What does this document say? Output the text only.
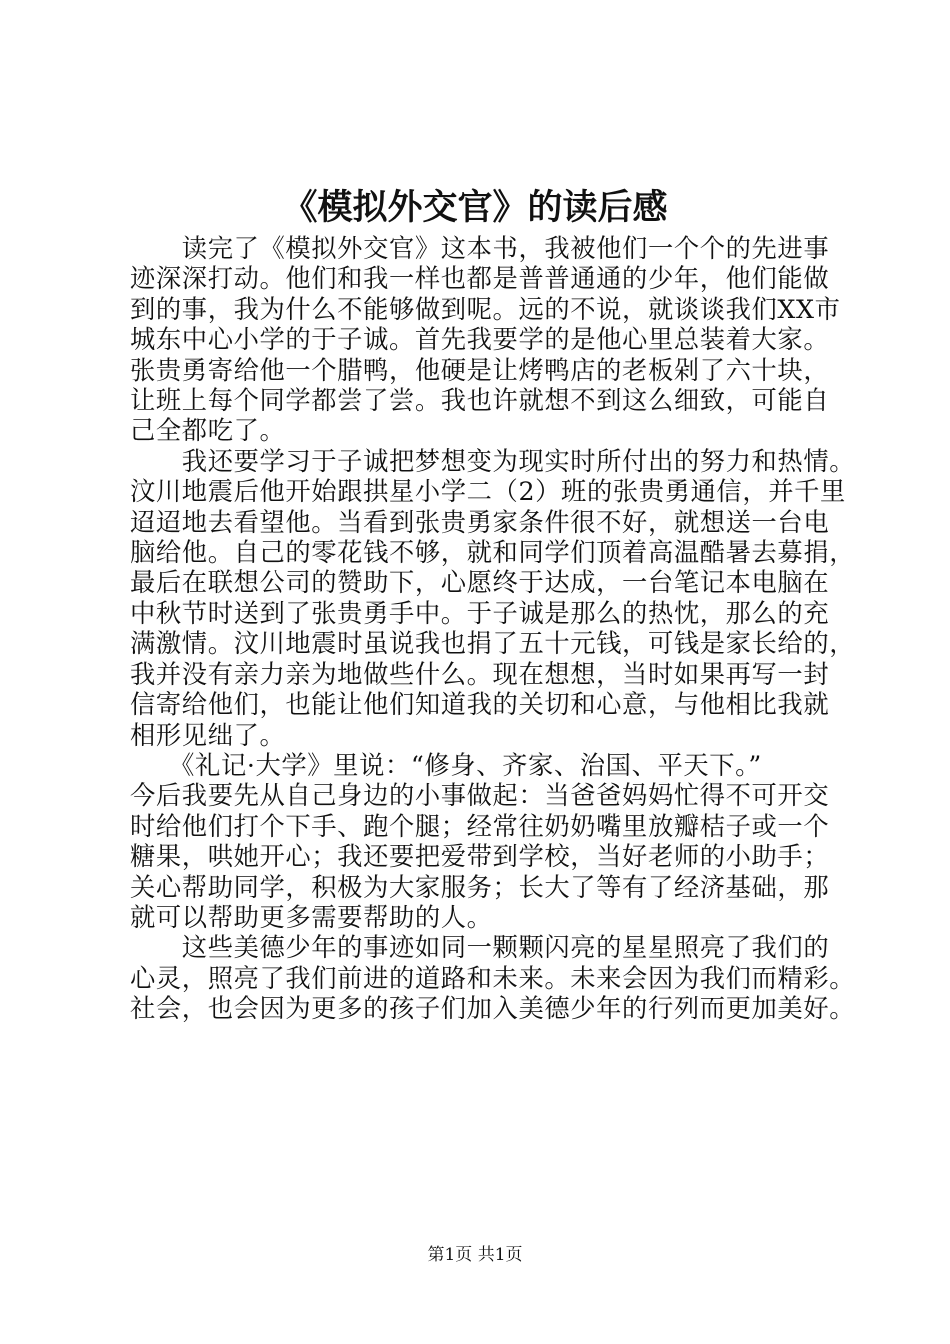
《模拟外交官》的读后感
　　读完了《模拟外交官》这本书，我被他们一个个的先进事
迹深深打动。他们和我一样也都是普普通通的少年，他们能做
到的事，我为什么不能够做到呢。远的不说，就谈谈我们XX市
城东中心小学的于子诚。首先我要学的是他心里总装着大家。
张贵勇寄给他一个腊鸭，他硬是让烤鸭店的老板剁了六十块，
让班上每个同学都尝了尝。我也许就想不到这么细致，可能自
己全都吃了。
　　我还要学习于子诚把梦想变为现实时所付出的努力和热情。
汶川地震后他开始跟拱星小学二（2）班的张贵勇通信，并千里
迢迢地去看望他。当看到张贵勇家条件很不好，就想送一台电
脑给他。自己的零花钱不够，就和同学们顶着高温酷暑去募捐，
最后在联想公司的赞助下，心愿终于达成，一台笔记本电脑在
中秋节时送到了张贵勇手中。于子诚是那么的热忱，那么的充
满激情。汶川地震时虽说我也捐了五十元钱，可钱是家长给的，
我并没有亲力亲为地做些什么。现在想想，当时如果再写一封
信寄给他们，也能让他们知道我的关切和心意，与他相比我就
相形见绌了。
　　《礼记·大学》里说：“修身、齐家、治国、平天下。”
今后我要先从自己身边的小事做起：当爸爸妈妈忙得不可开交
时给他们打个下手、跑个腿；经常往奶奶嘴里放瓣桔子或一个
糖果，哄她开心；我还要把爱带到学校，当好老师的小助手；
关心帮助同学，积极为大家服务；长大了等有了经济基础，那
就可以帮助更多需要帮助的人。
　　这些美德少年的事迹如同一颗颗闪亮的星星照亮了我们的
心灵，照亮了我们前进的道路和未来。未来会因为我们而精彩。
社会，也会因为更多的孩子们加入美德少年的行列而更加美好。
第1页 共1页
